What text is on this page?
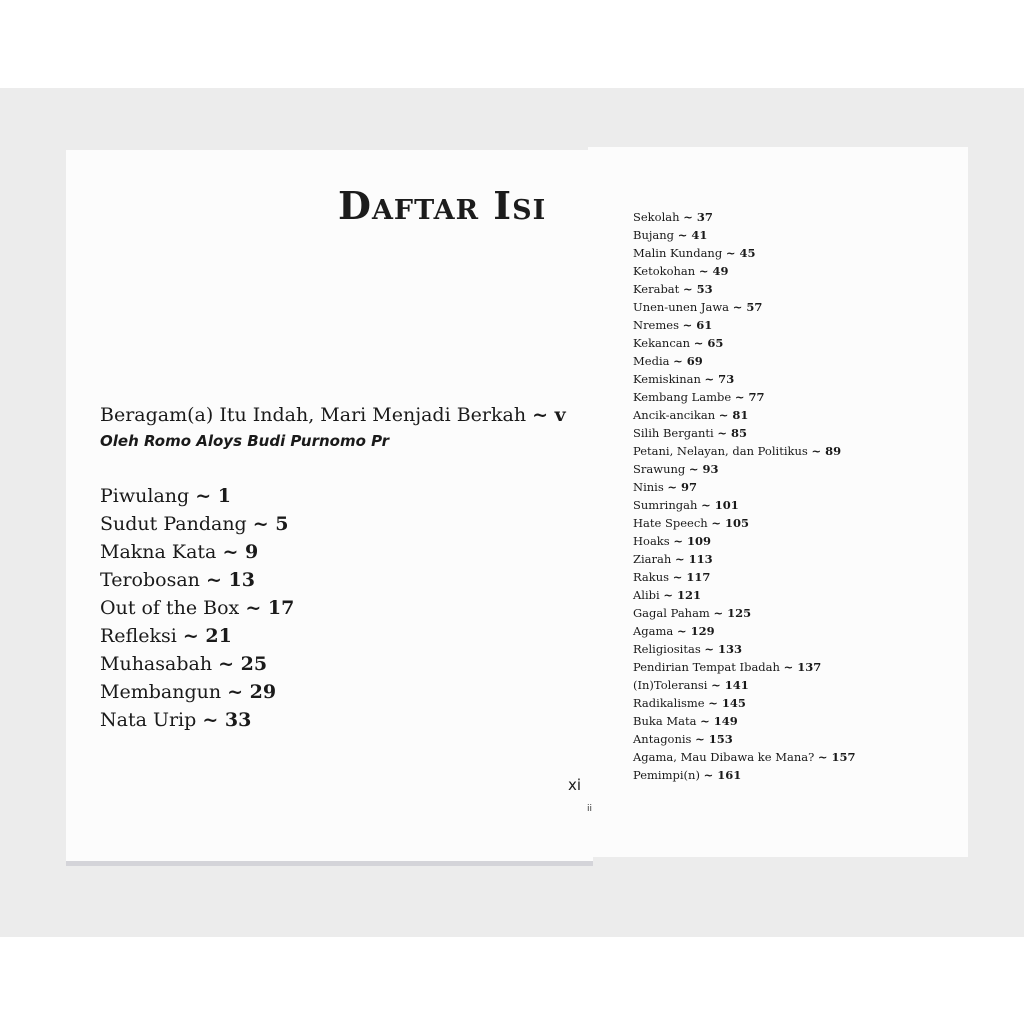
Daftar Isi
Beragam(a) Itu Indah, Mari Menjadi Berkah ~ v
Oleh Romo Aloys Budi Purnomo Pr
Piwulang ~ 1
Sudut Pandang ~ 5
Makna Kata ~ 9
Terobosan ~ 13
Out of the Box ~ 17
Refleksi ~ 21
Muhasabah ~ 25
Membangun ~ 29
Nata Urip ~ 33
xi
ii
Sekolah ~ 37
Bujang ~ 41
Malin Kundang ~ 45
Ketokohan ~ 49
Kerabat ~ 53
Unen-unen Jawa ~ 57
Nremes ~ 61
Kekancan ~ 65
Media ~ 69
Kemiskinan ~ 73
Kembang Lambe ~ 77
Ancik-ancikan ~ 81
Silih Berganti ~ 85
Petani, Nelayan, dan Politikus ~ 89
Srawung ~ 93
Ninis ~ 97
Sumringah ~ 101
Hate Speech ~ 105
Hoaks ~ 109
Ziarah ~ 113
Rakus ~ 117
Alibi ~ 121
Gagal Paham ~ 125
Agama ~ 129
Religiositas ~ 133
Pendirian Tempat Ibadah ~ 137
(In)Toleransi ~ 141
Radikalisme ~ 145
Buka Mata ~ 149
Antagonis ~ 153
Agama, Mau Dibawa ke Mana? ~ 157
Pemimpi(n) ~ 161
